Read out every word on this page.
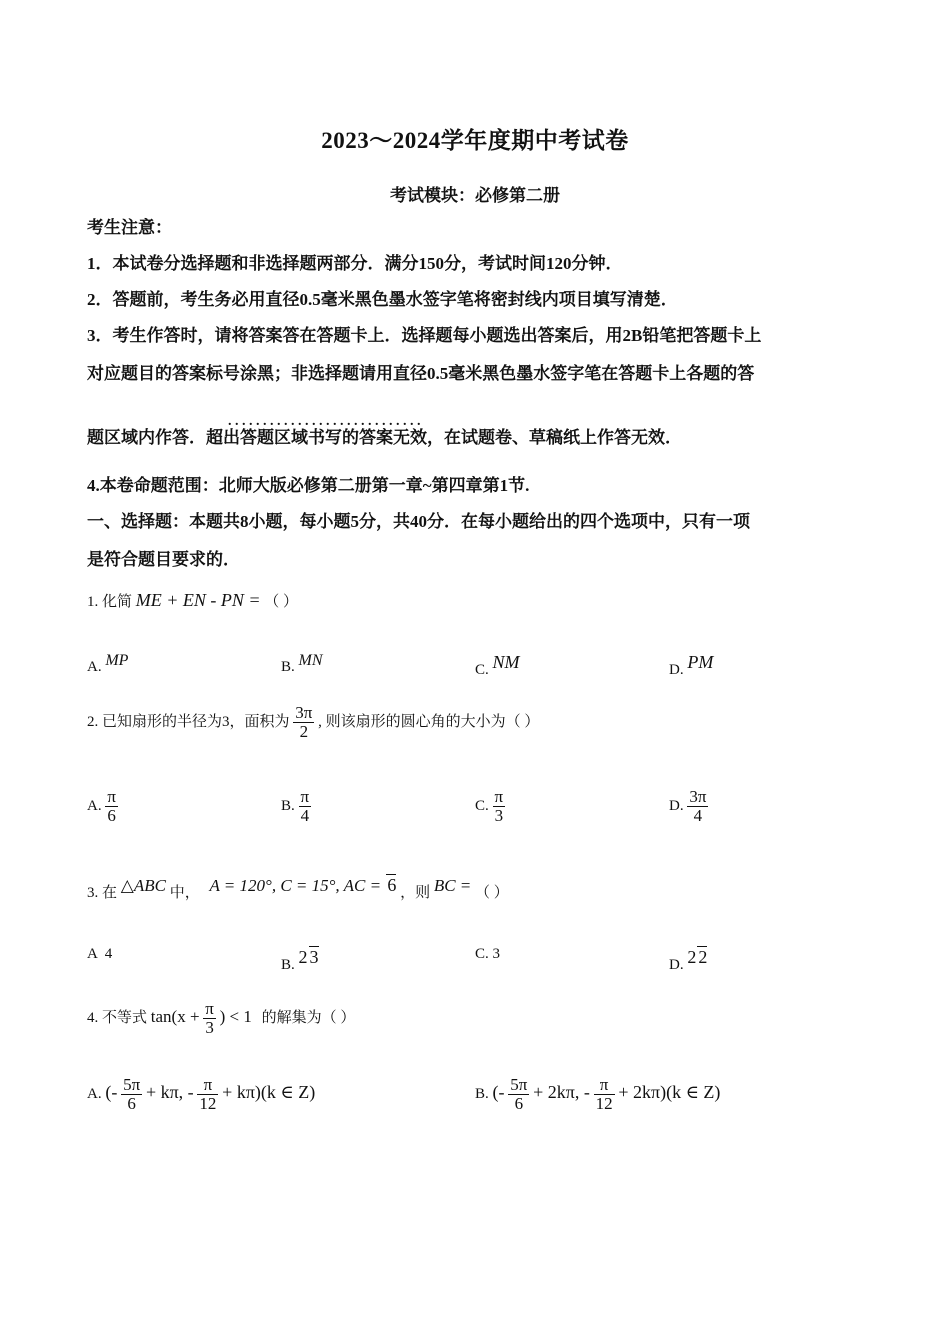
2023～2024学年度期中考试卷
考试模块：必修第二册
考生注意：
1．本试卷分选择题和非选择题两部分．满分150分，考试时间120分钟．
2．答题前，考生务必用直径0.5毫米黑色墨水签字笔将密封线内项目填写清楚．
3．考生作答时，请将答案答在答题卡上．选择题每小题选出答案后，用2B铅笔把答题卡上
对应题目的答案标号涂黑；非选择题请用直径0.5毫米黑色墨水签字笔在答题卡上各题的答
. . . . . . . . . . . . . . . . . . . . . . . . . . . .
题区域内作答．超出答题区域书写的答案无效，在试题卷、草稿纸上作答无效．
4.本卷命题范围：北师大版必修第二册第一章~第四章第1节.
一、选择题：本题共8小题，每小题5分，共40分．在每小题给出的四个选项中，只有一项
是符合题目要求的．
1. 化简 ME + EN - PN = （ ）
A. MP	B. MN
C. NM	D. PM
2. 已知扇形的半径为3，面积为 $\frac{3\pi}{2}$ , 则该扇形的圆心角的大小为（ ）
A. $\frac{\pi}{6}$	B. $\frac{\pi}{4}$	C. $\frac{\pi}{3}$	D. $\frac{3\pi}{4}$
3. 在 △ABC 中， A = 120°, C = 15°, AC = 6 ，则 BC = （ ）
A 4
B. 2 3	C. 3
D. 2 2
4. 不等式 $\tan(x + \frac{\pi}{3}$ ) < 1 的解集为（ ）
A. (- $\frac{5\pi}{6} + k\pi$, - $\frac{\pi}{12} + k\pi)(k$ ∈ Z)	B. (- $\frac{5\pi}{6} + 2k\pi$, - $\frac{\pi}{12} + 2k\pi)(k$ ∈ Z)
